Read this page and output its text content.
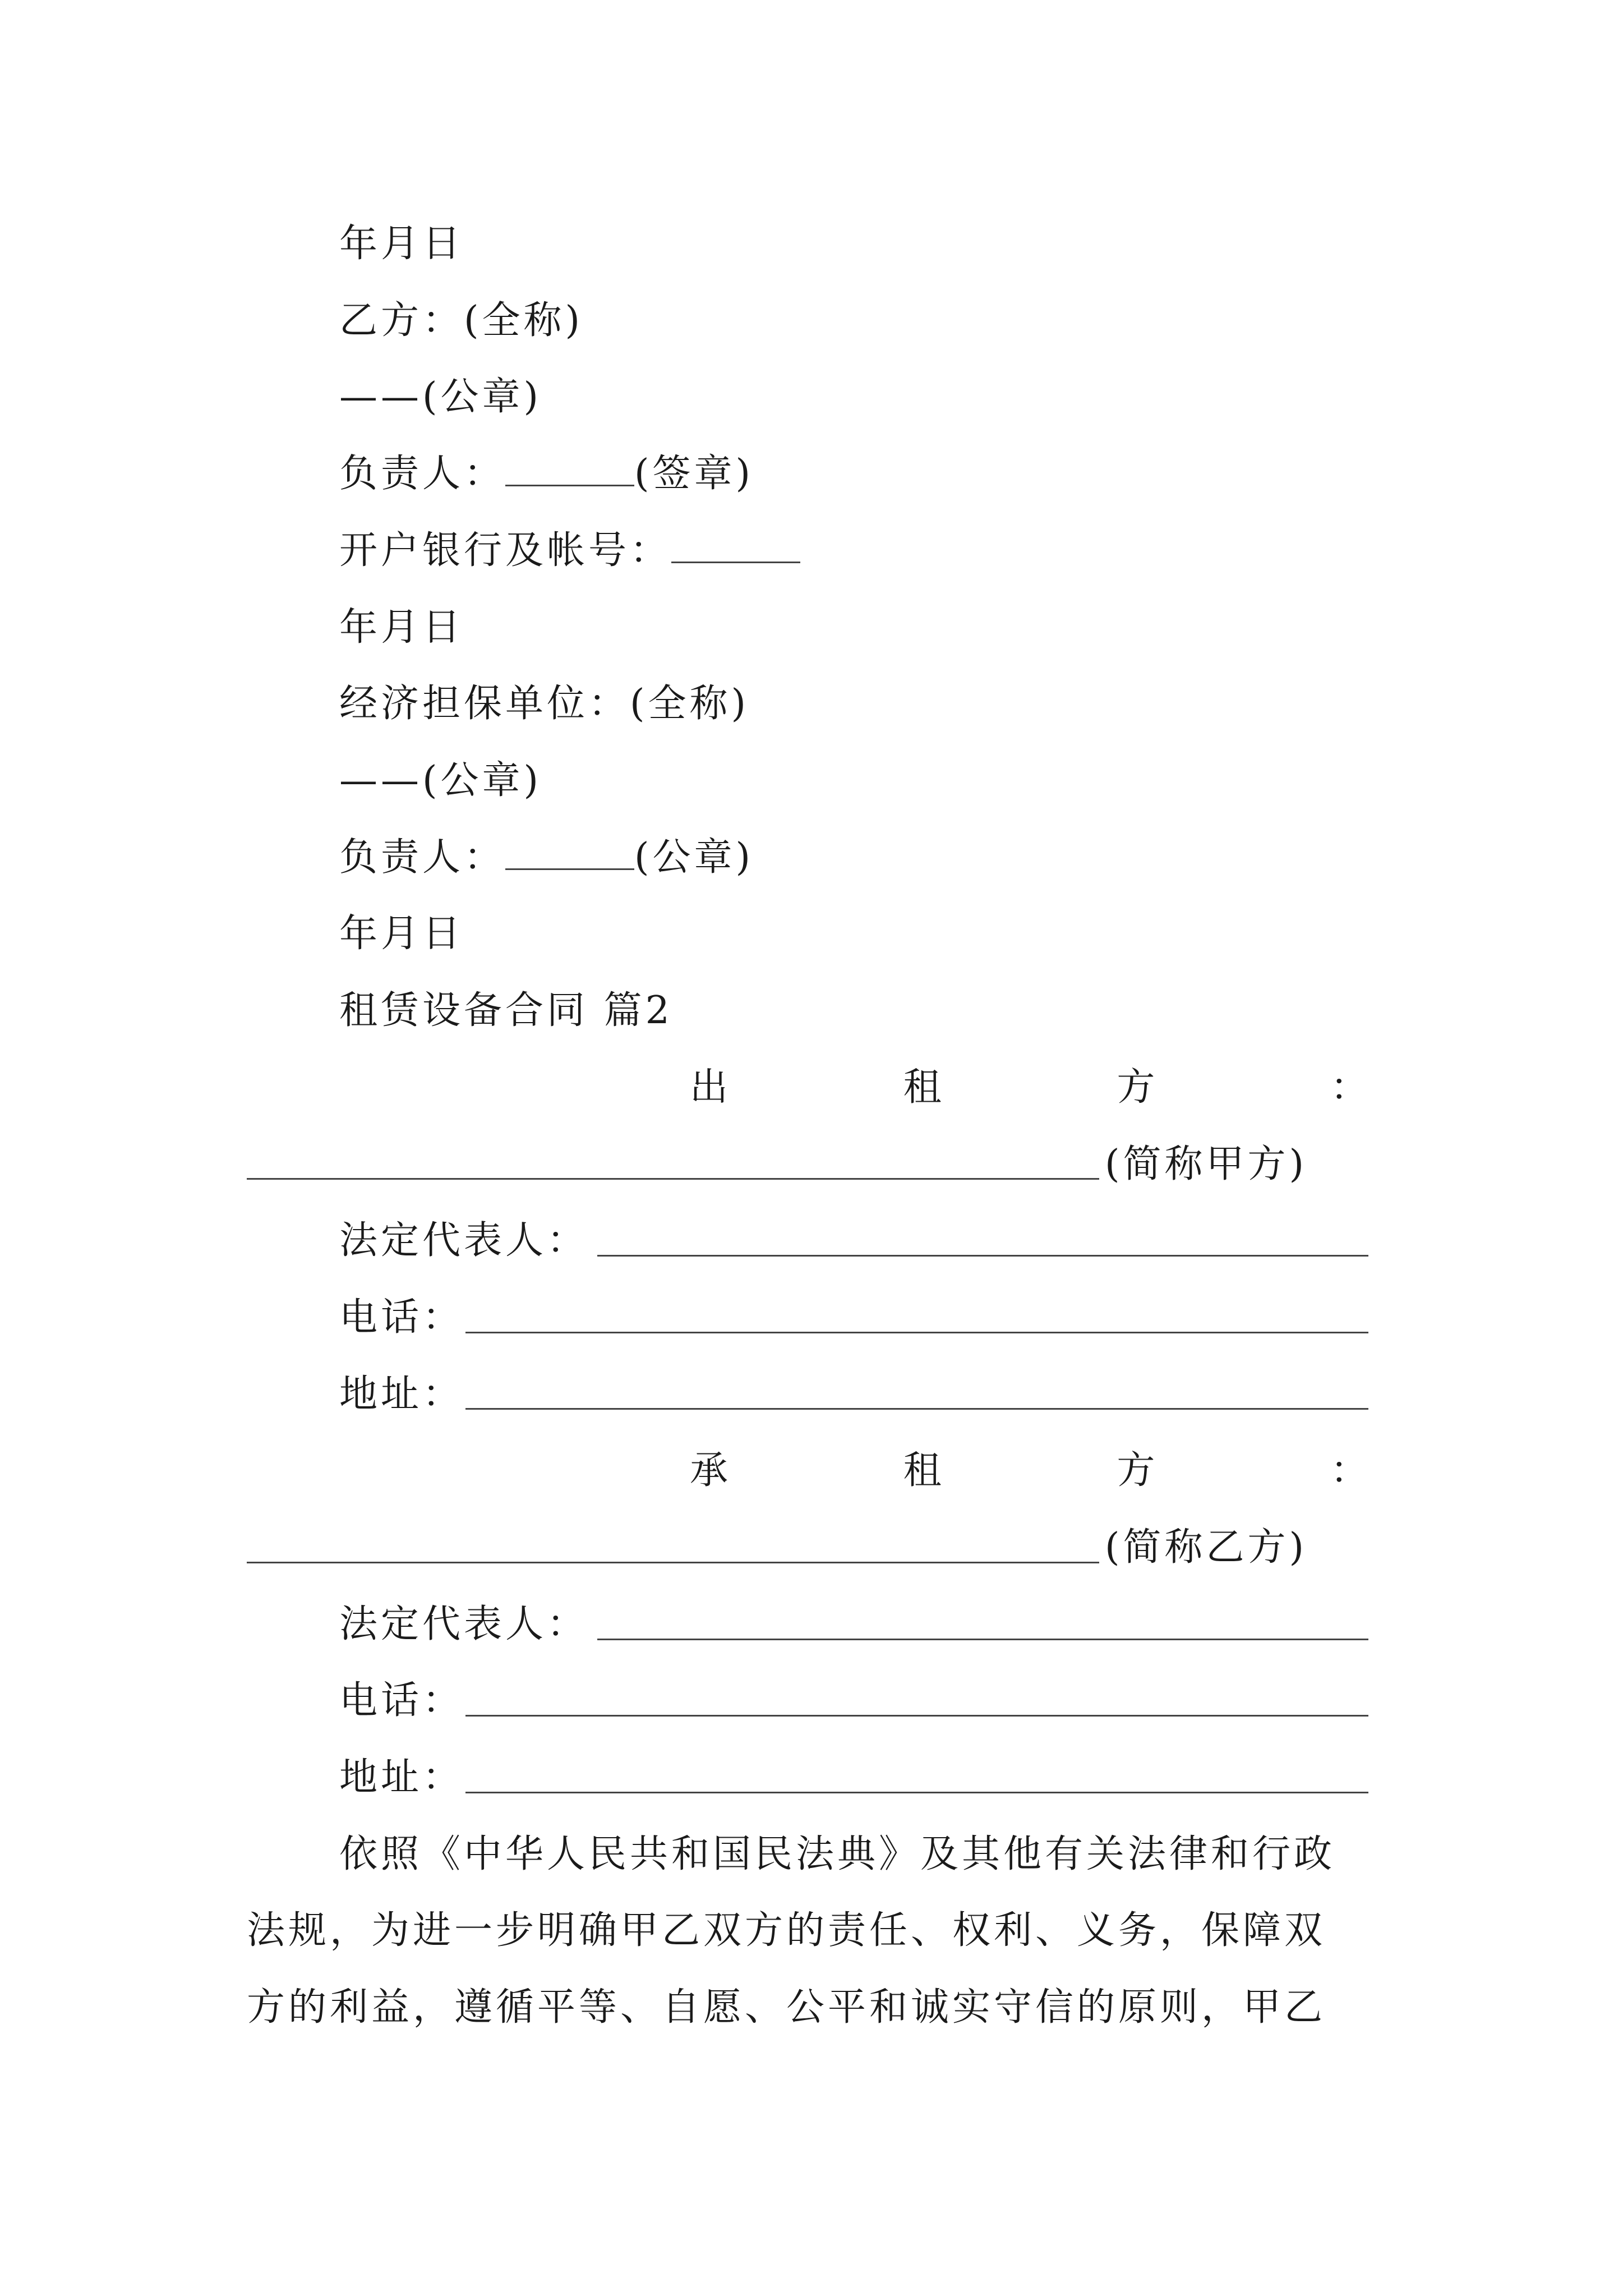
年月日
乙方：(全称)
——(公章)
负责人：	(签章)
开户银行及帐号：
年月日
经济担保单位：(全称)
——(公章)
负责人：	(公章)
年月日
租赁设备合同 篇2
出	租	方	：
(简称甲方)
法定代表人：
电话：
地址：
承	租	方	：
(简称乙方)
法定代表人：
电话：
地址：
依照《中华人民共和国民法典》及其他有关法律和行政
法规，为进一步明确甲乙双方的责任、权利、义务，保障双
方的利益，遵循平等、自愿、公平和诚实守信的原则，甲乙
